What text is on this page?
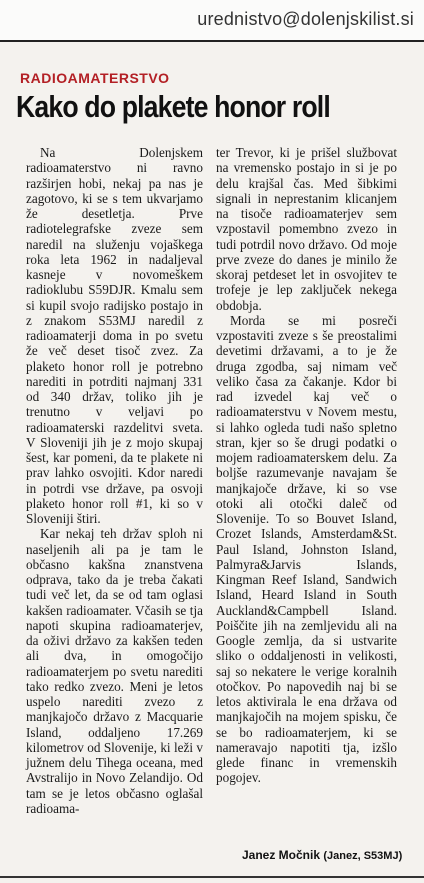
urednistvo@dolenjskilist.si
RADIOAMATERSTVO
Kako do plakete honor roll

Na Dolenjskem radioamaterstvo ni ravno razširjen hobi, nekaj pa nas je zagotovo, ki se s tem ukvarjamo že desetletja. Prve radiotelegrafske zveze sem naredil na služenju vojaškega roka leta 1962 in nadaljeval kasneje v novomeškem radioklubu S59DJR. Kmalu sem si kupil svojo radijsko postajo in z znakom S53MJ naredil z radioamaterji doma in po svetu že več deset tisoč zvez. Za plaketo honor roll je potrebno narediti in potrditi najmanj 331 od 340 držav, toliko jih je trenutno v veljavi po radioamaterski razdelitvi sveta. V Sloveniji jih je z mojo skupaj šest, kar pomeni, da te plakete ni prav lahko osvojiti. Kdor naredi in potrdi vse države, pa osvoji plaketo honor roll #1, ki so v Sloveniji štiri.

Kar nekaj teh držav sploh ni naseljenih ali pa je tam le občasno kakšna znanstvena odprava, tako da je treba čakati tudi več let, da se od tam oglasi kakšen radioamater. Včasih se tja napoti skupina radioamaterjev, da oživi državo za kakšen teden ali dva, in omogočijo radioamaterjem po svetu narediti tako redko zvezo. Meni je letos uspelo narediti zvezo z manjkajočo državo z Macquarie Island, oddaljeno 17.269 kilometrov od Slovenije, ki leži v južnem delu Tihega oceana, med Avstralijo in Novo Zelandijo. Od tam se je letos občasno oglašal radioama-

ter Trevor, ki je prišel službovat na vremensko postajo in si je po delu krajšal čas. Med šibkimi signali in neprestanim klicanjem na tisoče radioamaterjev sem vzpostavil pomembno zvezo in tudi potrdil novo državo. Od moje prve zveze do danes je minilo že skoraj petdeset let in osvojitev te trofeje je lep zaključek nekega obdobja.

Morda se mi posreči vzpostaviti zveze s še preostalimi devetimi državami, a to je že druga zgodba, saj nimam več veliko časa za čakanje. Kdor bi rad izvedel kaj več o radioamaterstvu v Novem mestu, si lahko ogleda tudi našo spletno stran, kjer so še drugi podatki o mojem radioamaterskem delu. Za boljše razumevanje navajam še manjkajoče države, ki so vse otoki ali otočki daleč od Slovenije. To so Bouvet Island, Crozet Islands, Amsterdam&St. Paul Island, Johnston Island, Palmyra&Jarvis Islands, Kingman Reef Island, Sandwich Island, Heard Island in South Auckland&Campbell Island. Poiščite jih na zemljevidu ali na Google zemlja, da si ustvarite sliko o oddaljenosti in velikosti, saj so nekatere le verige koralnih otočkov. Po napovedih naj bi se letos aktivirala le ena država od manjkajočih na mojem spisku, če se bo radioamaterjem, ki se nameravajo napotiti tja, izšlo glede financ in vremenskih pogojev.

Janez Močnik (Janez, S53MJ)
